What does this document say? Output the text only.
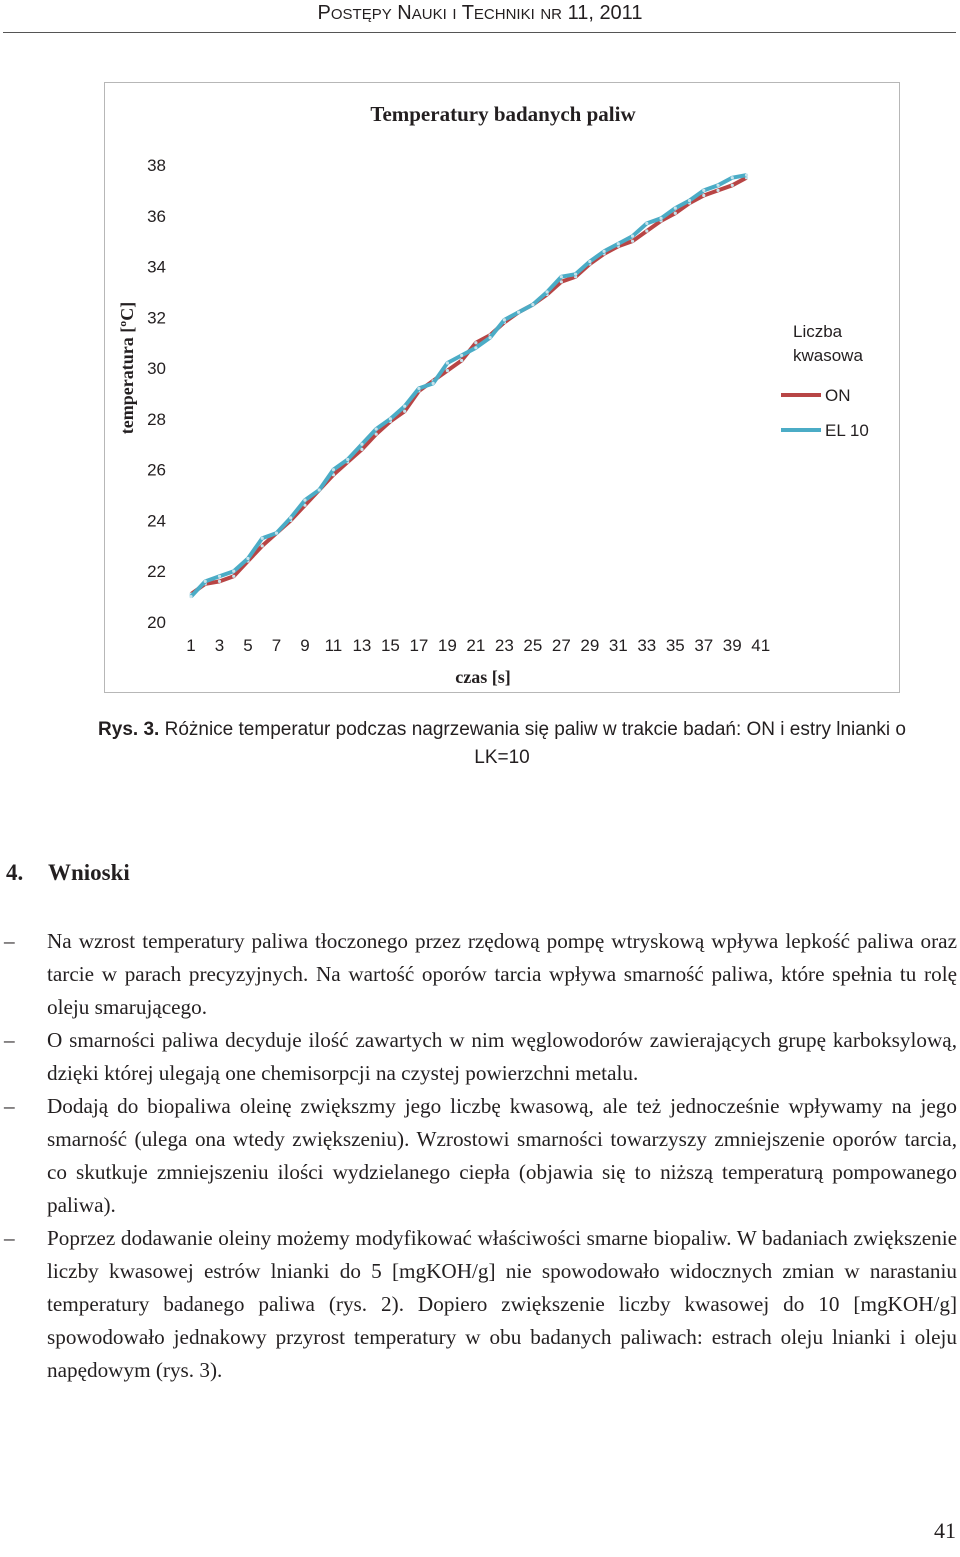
POSTĘPY NAUKI I TECHNIKI NR 11, 2011
Temperatury badanych paliw
20
22
24
26
28
30
32
34
36
38
1 3 5 7 9 11 13 15 17 19 21 23 25 27 29 31 33 35 37 39 41
temperatura [ºC]
czas [s]
Liczba
kwasowa
ON
EL 10
Rys. 3. Różnice temperatur podczas nagrzewania się paliw w trakcie badań: ON i estry lnianki o LK=10
4. Wnioski

– Na wzrost temperatury paliwa tłoczonego przez rzędową pompę wtryskową wpływa lepkość paliwa oraz tarcie w parach precyzyjnych. Na wartość oporów tarcia wpływa smarność paliwa, które spełnia tu rolę oleju smarującego.

– O smarności paliwa decyduje ilość zawartych w nim węglowodorów zawierających grupę karboksylową, dzięki której ulegają one chemisorpcji na czystej powierzchni metalu.

– Dodają do biopaliwa oleinę zwiększmy jego liczbę kwasową, ale też jednocześnie wpływamy na jego smarność (ulega ona wtedy zwiększeniu). Wzrostowi smarności towarzyszy zmniejszenie oporów tarcia, co skutkuje zmniejszeniu ilości wydzielanego ciepła (objawia się to niższą temperaturą pompowanego paliwa).

– Poprzez dodawanie oleiny możemy modyfikować właściwości smarne biopaliw. W badaniach zwiększenie liczby kwasowej estrów lnianki do 5 [mgKOH/g] nie spowodowało widocznych zmian w narastaniu temperatury badanego paliwa (rys. 2). Dopiero zwiększenie liczby kwasowej do 10 [mgKOH/g] spowodowało jednakowy przyrost temperatury w obu badanych paliwach: estrach oleju lnianki i oleju napędowym (rys. 3).

41
